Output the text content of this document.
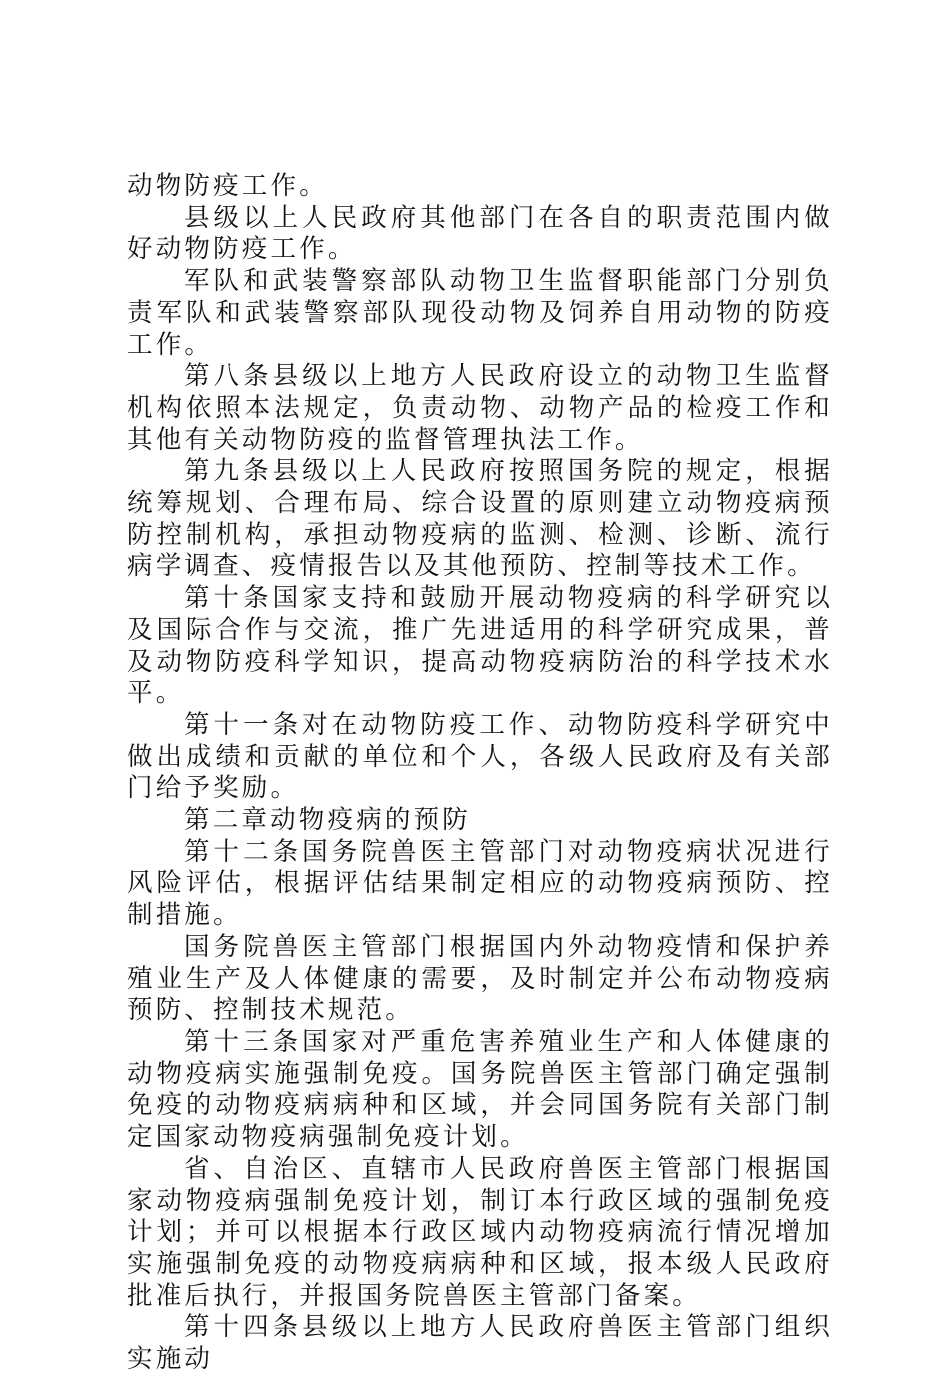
动物防疫工作。

县级以上人民政府其他部门在各自的职责范围内做好动物防疫工作。

军队和武装警察部队动物卫生监督职能部门分别负责军队和武装警察部队现役动物及饲养自用动物的防疫工作。

第八条县级以上地方人民政府设立的动物卫生监督机构依照本法规定，负责动物、动物产品的检疫工作和其他有关动物防疫的监督管理执法工作。

第九条县级以上人民政府按照国务院的规定，根据统筹规划、合理布局、综合设置的原则建立动物疫病预防控制机构，承担动物疫病的监测、检测、诊断、流行病学调查、疫情报告以及其他预防、控制等技术工作。

第十条国家支持和鼓励开展动物疫病的科学研究以及国际合作与交流，推广先进适用的科学研究成果，普及动物防疫科学知识，提高动物疫病防治的科学技术水平。

第十一条对在动物防疫工作、动物防疫科学研究中做出成绩和贡献的单位和个人，各级人民政府及有关部门给予奖励。

第二章动物疫病的预防

第十二条国务院兽医主管部门对动物疫病状况进行风险评估，根据评估结果制定相应的动物疫病预防、控制措施。

国务院兽医主管部门根据国内外动物疫情和保护养殖业生产及人体健康的需要，及时制定并公布动物疫病预防、控制技术规范。

第十三条国家对严重危害养殖业生产和人体健康的动物疫病实施强制免疫。国务院兽医主管部门确定强制免疫的动物疫病病种和区域，并会同国务院有关部门制定国家动物疫病强制免疫计划。

省、自治区、直辖市人民政府兽医主管部门根据国家动物疫病强制免疫计划，制订本行政区域的强制免疫计划；并可以根据本行政区域内动物疫病流行情况增加实施强制免疫的动物疫病病种和区域，报本级人民政府批准后执行，并报国务院兽医主管部门备案。

第十四条县级以上地方人民政府兽医主管部门组织实施动
